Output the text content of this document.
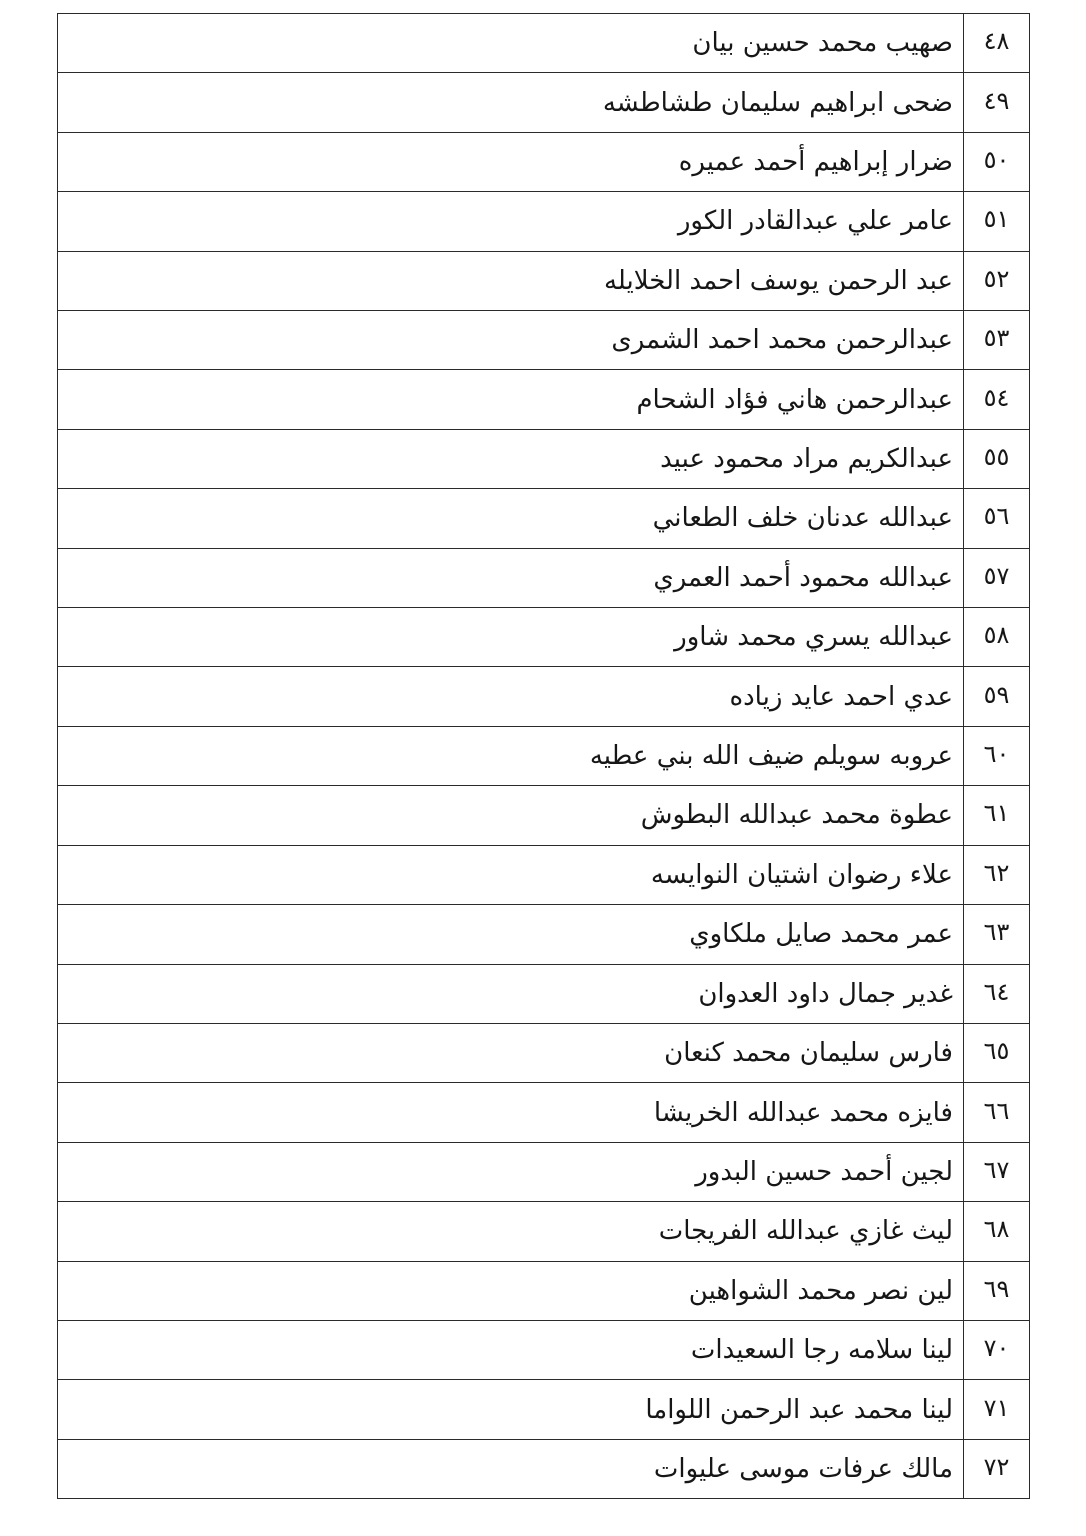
٤٨
صهيب محمد حسين بيان
٤٩
ضحى ابراهيم سليمان طشاطشه
٥٠
ضرار إبراهيم أحمد عميره
٥١
عامر علي عبدالقادر الكور
٥٢
عبد الرحمن يوسف احمد الخلايله
٥٣
عبدالرحمن محمد احمد الشمرى
٥٤
عبدالرحمن هاني فؤاد الشحام
٥٥
عبدالكريم مراد محمود عبيد
٥٦
عبدالله عدنان خلف الطعاني
٥٧
عبدالله محمود أحمد العمري
٥٨
عبدالله يسري محمد شاور
٥٩
عدي احمد عايد زياده
٦٠
عروبه سويلم ضيف الله بني عطيه
٦١
عطوة محمد عبدالله البطوش
٦٢
علاء رضوان اشتيان النوايسه
٦٣
عمر محمد صايل ملكاوي
٦٤
غدير جمال داود العدوان
٦٥
فارس سليمان محمد كنعان
٦٦
فايزه محمد عبدالله الخريشا
٦٧
لجين أحمد حسين البدور
٦٨
ليث غازي عبدالله الفريجات
٦٩
لين نصر محمد الشواهين
٧٠
لينا سلامه رجا السعيدات
٧١
لينا محمد عبد الرحمن اللواما
٧٢
مالك عرفات موسى عليوات
